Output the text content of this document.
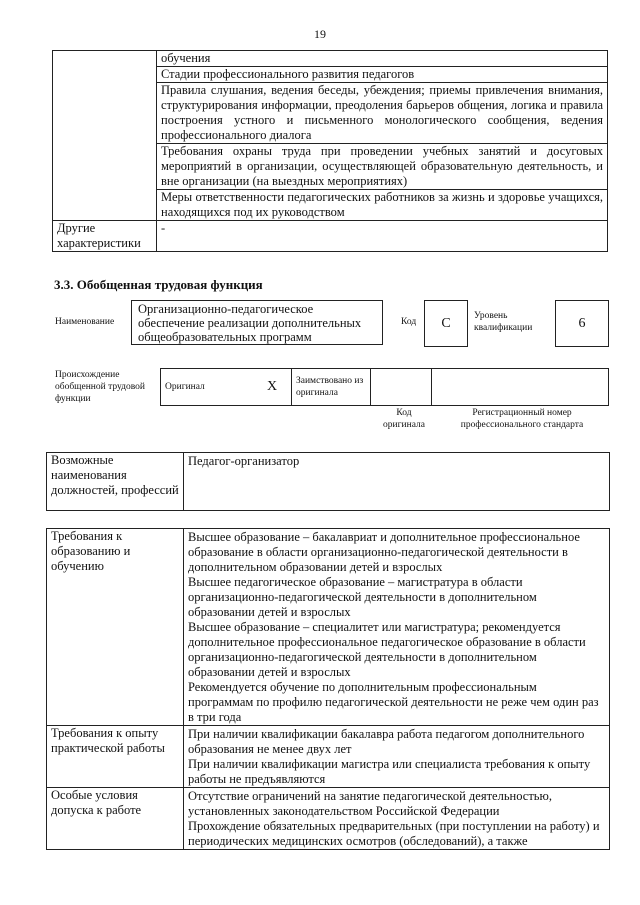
19
	обучения
	Стадии профессионального развития педагогов
	Правила слушания, ведения беседы, убеждения; приемы привлечения внимания, структурирования информации, преодоления барьеров общения, логика и правила построения устного и письменного монологического сообщения, ведения профессионального диалога
	Требования охраны труда при проведении учебных занятий и досуговых мероприятий в организации, осуществляющей образовательную деятельность, и вне организации (на выездных мероприятиях)
	Меры ответственности педагогических работников за жизнь и здоровье учащихся, находящихся под их руководством
Другие характеристики	-
3.3. Обобщенная трудовая функция
Наименование
Организационно-педагогическое обеспечение реализации дополнительных общеобразовательных программ
Код	С	Уровень квалификации	6
Происхождение обобщенной трудовой функции
Оригинал	Х	Заимствовано из оригинала		
Код оригинала
Регистрационный номер профессионального стандарта
Возможные наименования должностей, профессий	Педагог-организатор
Требования к образованию и обучению	Высшее образование – бакалавриат и дополнительное профессиональное образование в области организационно-педагогической деятельности в дополнительном образовании детей и взрослых
Высшее педагогическое образование – магистратура в области организационно-педагогической деятельности в дополнительном образовании детей и взрослых
Высшее образование – специалитет или магистратура; рекомендуется дополнительное профессиональное педагогическое образование в области организационно-педагогической деятельности в дополнительном образовании детей и взрослых
Рекомендуется обучение по дополнительным профессиональным программам по профилю педагогической деятельности не реже чем один раз в три года

Требования к опыту практической работы	При наличии квалификации бакалавра работа педагогом дополнительного образования не менее двух лет
При наличии квалификации магистра или специалиста требования к опыту работы не предъявляются

Особые условия допуска к работе	Отсутствие ограничений на занятие педагогической деятельностью, установленных законодательством Российской Федерации
Прохождение обязательных предварительных (при поступлении на работу) и периодических медицинских осмотров (обследований), а также
